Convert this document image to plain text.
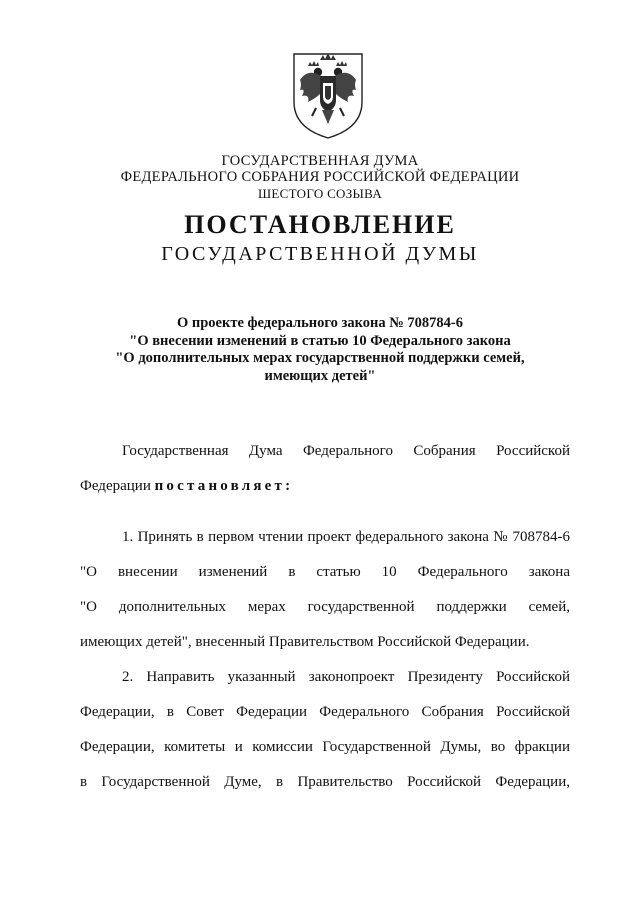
ГОСУДАРСТВЕННАЯ ДУМА
ФЕДЕРАЛЬНОГО СОБРАНИЯ РОССИЙСКОЙ ФЕДЕРАЦИИ
ШЕСТОГО СОЗЫВА
ПОСТАНОВЛЕНИЕ
ГОСУДАРСТВЕННОЙ ДУМЫ
О проекте федерального закона № 708784-6
"О внесении изменений в статью 10 Федерального закона
"О дополнительных мерах государственной поддержки семей,
имеющих детей"
Государственная Дума Федерального Собрания Российской
Федерации постановляет:
1. Принять в первом чтении проект федерального закона № 708784-6
"О внесении изменений в статью 10 Федерального закона
"О дополнительных мерах государственной поддержки семей,
имеющих детей", внесенный Правительством Российской Федерации.
2. Направить указанный законопроект Президенту Российской
Федерации, в Совет Федерации Федерального Собрания Российской
Федерации, комитеты и комиссии Государственной Думы, во фракции
в Государственной Думе, в Правительство Российской Федерации,
